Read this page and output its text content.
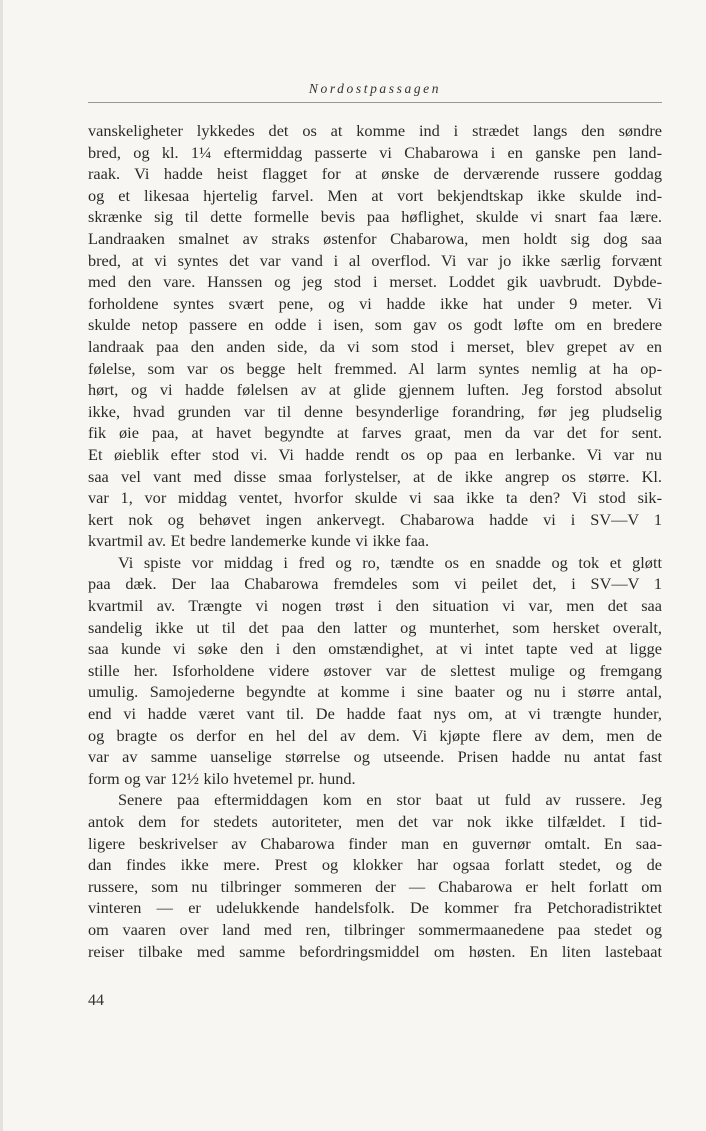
Nordostpassagen
vanskeligheter lykkedes det os at komme ind i strædet langs den søndre
bred, og kl. 1¼ eftermiddag passerte vi Chabarowa i en ganske pen land-
raak. Vi hadde heist flagget for at ønske de derværende russere goddag
og et likesaa hjertelig farvel. Men at vort bekjendtskap ikke skulde ind-
skrænke sig til dette formelle bevis paa høflighet, skulde vi snart faa lære.
Landraaken smalnet av straks østenfor Chabarowa, men holdt sig dog saa
bred, at vi syntes det var vand i al overflod. Vi var jo ikke særlig forvænt
med den vare. Hanssen og jeg stod i merset. Loddet gik uavbrudt. Dybde-
forholdene syntes svært pene, og vi hadde ikke hat under 9 meter. Vi
skulde netop passere en odde i isen, som gav os godt løfte om en bredere
landraak paa den anden side, da vi som stod i merset, blev grepet av en
følelse, som var os begge helt fremmed. Al larm syntes nemlig at ha op-
hørt, og vi hadde følelsen av at glide gjennem luften. Jeg forstod absolut
ikke, hvad grunden var til denne besynderlige forandring, før jeg pludselig
fik øie paa, at havet begyndte at farves graat, men da var det for sent.
Et øieblik efter stod vi. Vi hadde rendt os op paa en lerbanke. Vi var nu
saa vel vant med disse smaa forlystelser, at de ikke angrep os større. Kl.
var 1, vor middag ventet, hvorfor skulde vi saa ikke ta den? Vi stod sik-
kert nok og behøvet ingen ankervegt. Chabarowa hadde vi i SV—V 1
kvartmil av. Et bedre landemerke kunde vi ikke faa.
Vi spiste vor middag i fred og ro, tændte os en snadde og tok et gløtt
paa dæk. Der laa Chabarowa fremdeles som vi peilet det, i SV—V 1
kvartmil av. Trængte vi nogen trøst i den situation vi var, men det saa
sandelig ikke ut til det paa den latter og munterhet, som hersket overalt,
saa kunde vi søke den i den omstændighet, at vi intet tapte ved at ligge
stille her. Isforholdene videre østover var de slettest mulige og fremgang
umulig. Samojederne begyndte at komme i sine baater og nu i større antal,
end vi hadde været vant til. De hadde faat nys om, at vi trængte hunder,
og bragte os derfor en hel del av dem. Vi kjøpte flere av dem, men de
var av samme uanselige størrelse og utseende. Prisen hadde nu antat fast
form og var 12½ kilo hvetemel pr. hund.
Senere paa eftermiddagen kom en stor baat ut fuld av russere. Jeg
antok dem for stedets autoriteter, men det var nok ikke tilfældet. I tid-
ligere beskrivelser av Chabarowa finder man en guvernør omtalt. En saa-
dan findes ikke mere. Prest og klokker har ogsaa forlatt stedet, og de
russere, som nu tilbringer sommeren der — Chabarowa er helt forlatt om
vinteren — er udelukkende handelsfolk. De kommer fra Petchoradistriktet
om vaaren over land med ren, tilbringer sommermaanedene paa stedet og
reiser tilbake med samme befordringsmiddel om høsten. En liten lastebaat
44
